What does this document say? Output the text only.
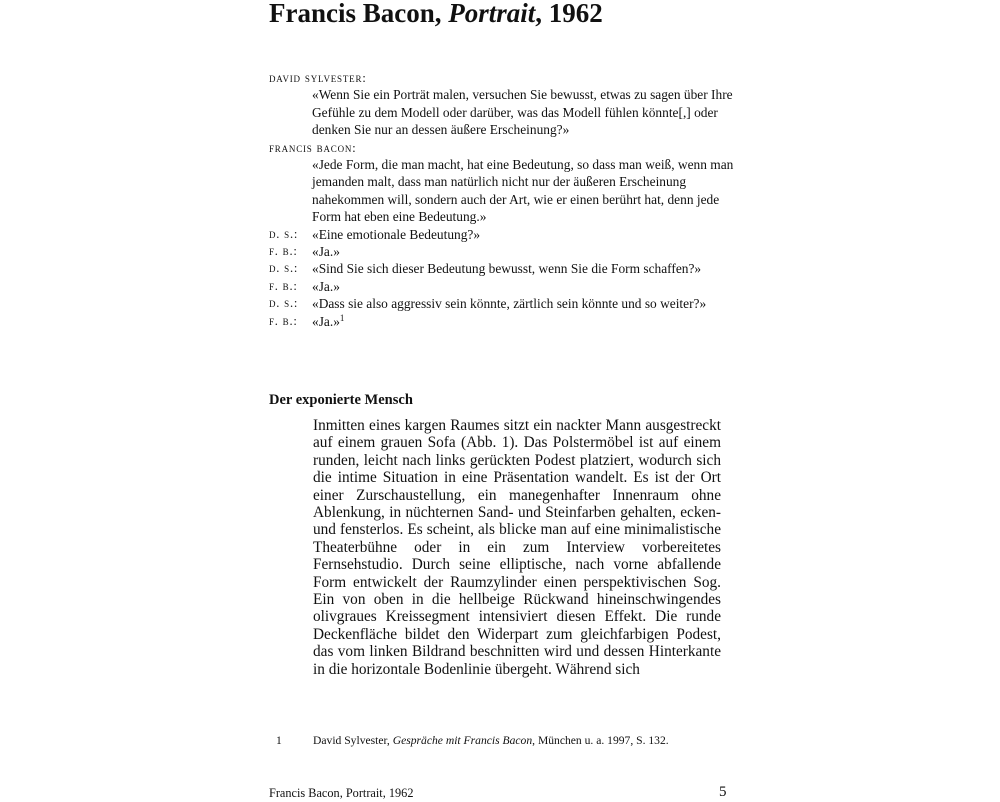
Francis Bacon, Portrait, 1962
david sylvester:
«Wenn Sie ein Porträt malen, versuchen Sie bewusst, etwas zu sagen über Ihre Gefühle zu dem Modell oder darüber, was das Modell fühlen könnte[,] oder denken Sie nur an dessen äußere Erscheinung?»
francis bacon:
«Jede Form, die man macht, hat eine Bedeutung, so dass man weiß, wenn man jemanden malt, dass man natürlich nicht nur der äußeren Erscheinung nahekommen will, sondern auch der Art, wie er einen berührt hat, denn jede Form hat eben eine Bedeutung.»
d. s.: «Eine emotionale Bedeutung?»
f. b.: «Ja.»
d. s.: «Sind Sie sich dieser Bedeutung bewusst, wenn Sie die Form schaffen?»
f. b.: «Ja.»
d. s.: «Dass sie also aggressiv sein könnte, zärtlich sein könnte und so weiter?»
f. b.: «Ja.»$^1$
Der exponierte Mensch

Inmitten eines kargen Raumes sitzt ein nackter Mann ausgestreckt auf einem grauen Sofa (Abb. 1). Das Polstermöbel ist auf einem runden, leicht nach links gerückten Podest platziert, wodurch sich die intime Situation in eine Präsentation wandelt. Es ist der Ort einer Zurschaustellung, ein manegenhafter Innenraum ohne Ablenkung, in nüchternen Sand- und Steinfarben gehalten, ecken- und fensterlos. Es scheint, als blicke man auf eine minimalistische Theaterbühne oder in ein zum Interview vorbereitetes Fernsehstudio. Durch seine elliptische, nach vorne abfallende Form entwickelt der Raumzylinder einen perspektivischen Sog. Ein von oben in die hellbeige Rückwand hineinschwingendes olivgraues Kreissegment intensiviert diesen Effekt. Die runde Deckenfläche bildet den Widerpart zum gleichfarbigen Podest, das vom linken Bildrand beschnitten wird und dessen Hinterkante in die horizontale Bodenlinie übergeht. Während sich

1	David Sylvester, Gespräche mit Francis Bacon, München u. a. 1997, S. 132.
Francis Bacon, Portrait, 1962	5
